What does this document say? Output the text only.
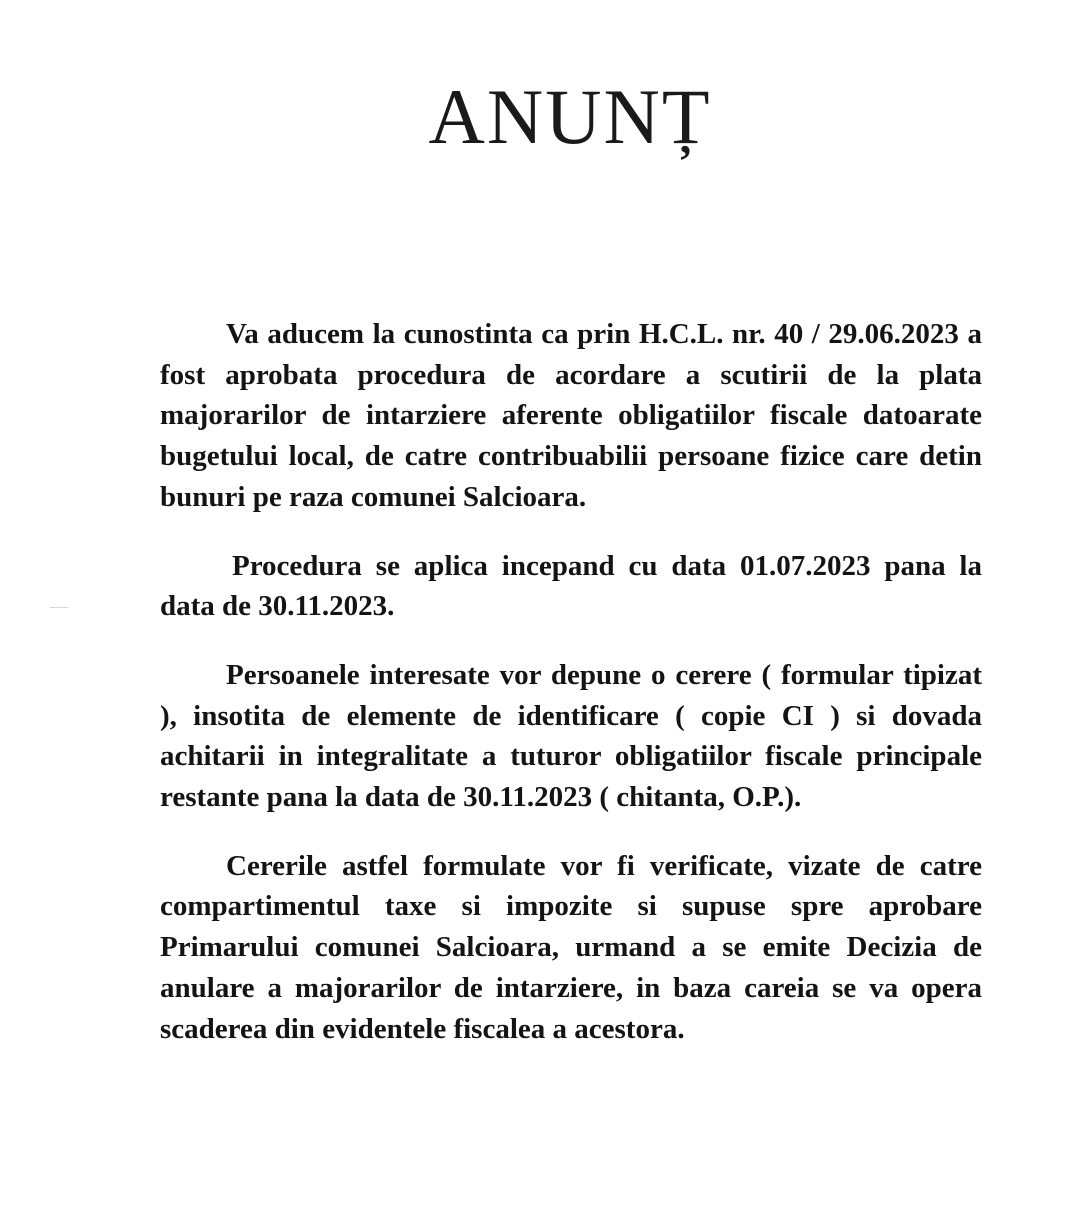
ANUNȚ

Va aducem la cunostinta ca prin H.C.L. nr. 40 / 29.06.2023 a fost aprobata procedura de acordare a scutirii de la plata majorarilor de intarziere aferente obligatiilor fiscale datoarate bugetului local, de catre contribuabilii persoane fizice care detin bunuri pe raza comunei Salcioara.

Procedura se aplica incepand cu data 01.07.2023 pana la data de 30.11.2023.

Persoanele interesate vor depune o cerere ( formular tipizat ), insotita de elemente de identificare ( copie CI ) si dovada achitarii in integralitate a tuturor obligatiilor fiscale principale restante pana la data de 30.11.2023 ( chitanta, O.P.).

Cererile astfel formulate vor fi verificate, vizate de catre compartimentul taxe si impozite si supuse spre aprobare Primarului comunei Salcioara, urmand a se emite Decizia de anulare a majorarilor de intarziere, in baza careia se va opera scaderea din evidentele fiscalea a acestora.
